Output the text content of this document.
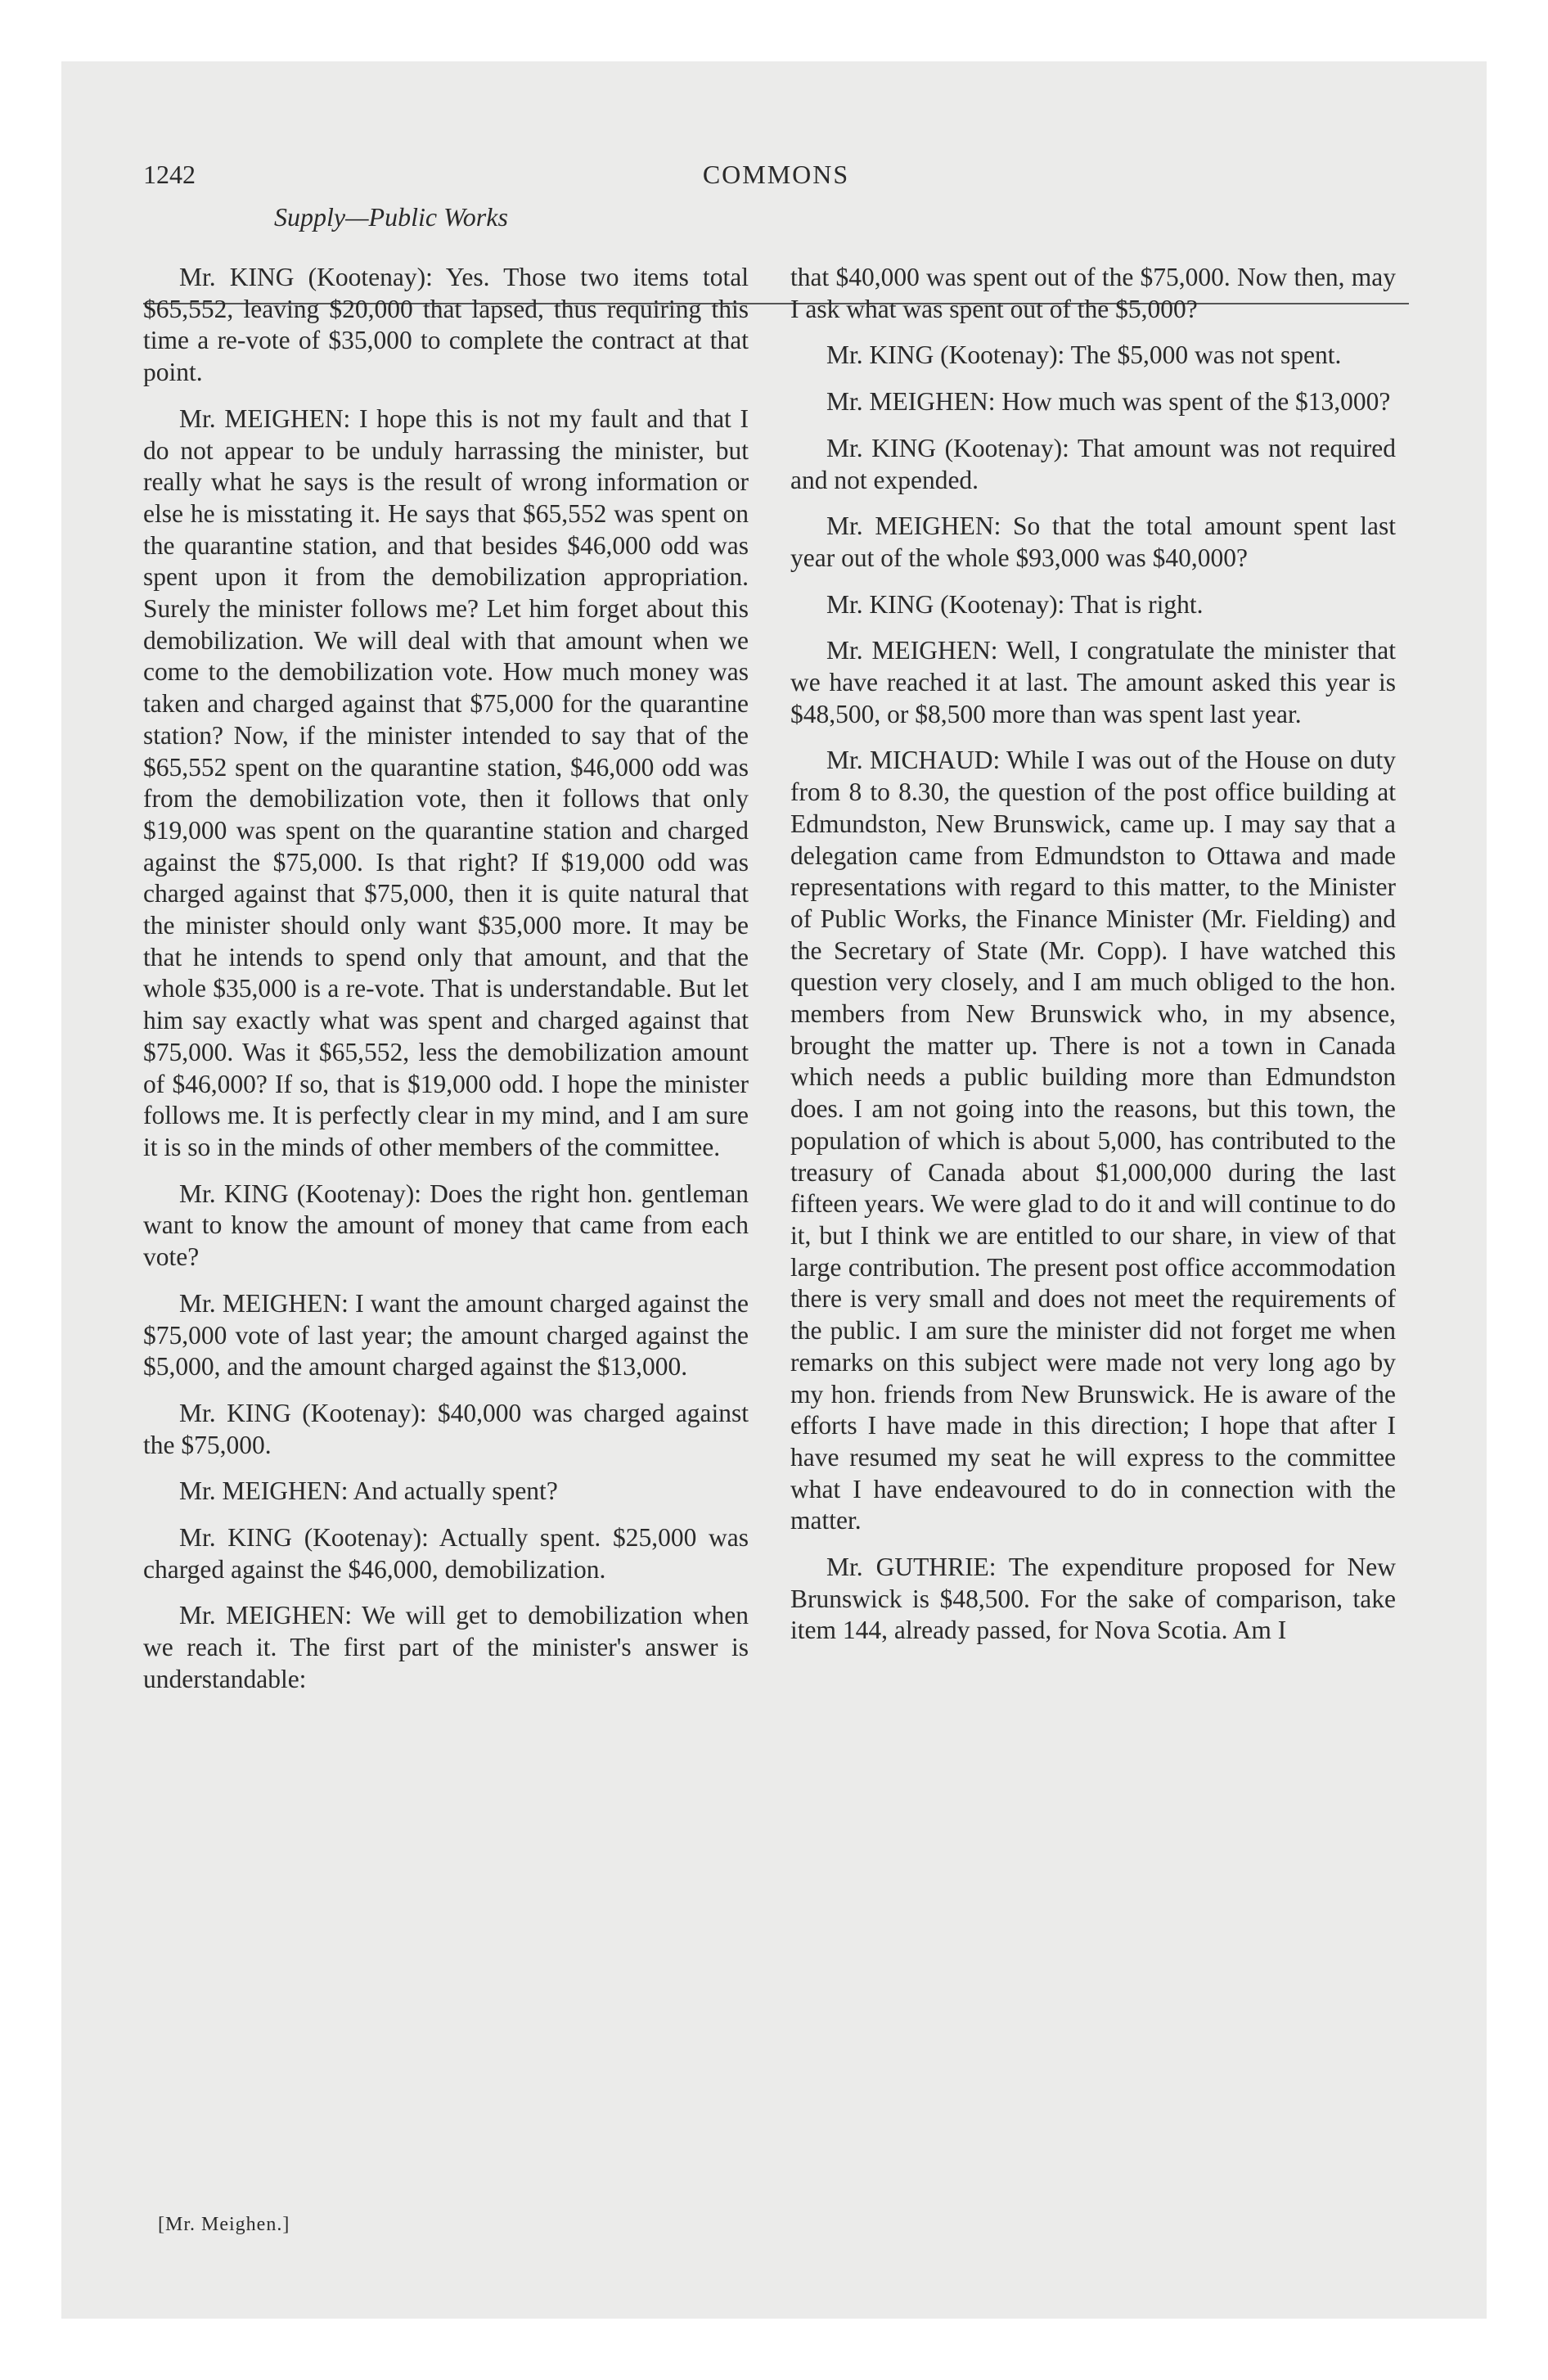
1242
Supply—Public Works
COMMONS

Mr. KING (Kootenay): Yes. Those two items total $65,552, leaving $20,000 that lapsed, thus requiring this time a re-vote of $35,000 to complete the contract at that point.

Mr. MEIGHEN: I hope this is not my fault and that I do not appear to be unduly harrassing the minister, but really what he says is the result of wrong information or else he is misstating it. He says that $65,552 was spent on the quarantine station, and that besides $46,000 odd was spent upon it from the demobilization appropriation. Surely the minister follows me? Let him forget about this demobilization. We will deal with that amount when we come to the demobilization vote. How much money was taken and charged against that $75,000 for the quarantine station? Now, if the minister intended to say that of the $65,552 spent on the quarantine station, $46,000 odd was from the demobilization vote, then it follows that only $19,000 was spent on the quarantine station and charged against the $75,000. Is that right? If $19,000 odd was charged against that $75,000, then it is quite natural that the minister should only want $35,000 more. It may be that he intends to spend only that amount, and that the whole $35,000 is a re-vote. That is understandable. But let him say exactly what was spent and charged against that $75,000. Was it $65,552, less the demobilization amount of $46,000? If so, that is $19,000 odd. I hope the minister follows me. It is perfectly clear in my mind, and I am sure it is so in the minds of other members of the committee.

Mr. KING (Kootenay): Does the right hon. gentleman want to know the amount of money that came from each vote?

Mr. MEIGHEN: I want the amount charged against the $75,000 vote of last year; the amount charged against the $5,000, and the amount charged against the $13,000.

Mr. KING (Kootenay): $40,000 was charged against the $75,000.

Mr. MEIGHEN: And actually spent?

Mr. KING (Kootenay): Actually spent. $25,000 was charged against the $46,000, demobilization.

Mr. MEIGHEN: We will get to demobilization when we reach it. The first part of the minister's answer is understandable:

that $40,000 was spent out of the $75,000. Now then, may I ask what was spent out of the $5,000?

Mr. KING (Kootenay): The $5,000 was not spent.

Mr. MEIGHEN: How much was spent of the $13,000?

Mr. KING (Kootenay): That amount was not required and not expended.

Mr. MEIGHEN: So that the total amount spent last year out of the whole $93,000 was $40,000?

Mr. KING (Kootenay): That is right.

Mr. MEIGHEN: Well, I congratulate the minister that we have reached it at last. The amount asked this year is $48,500, or $8,500 more than was spent last year.

Mr. MICHAUD: While I was out of the House on duty from 8 to 8.30, the question of the post office building at Edmundston, New Brunswick, came up. I may say that a delegation came from Edmundston to Ottawa and made representations with regard to this matter, to the Minister of Public Works, the Finance Minister (Mr. Fielding) and the Secretary of State (Mr. Copp). I have watched this question very closely, and I am much obliged to the hon. members from New Brunswick who, in my absence, brought the matter up. There is not a town in Canada which needs a public building more than Edmundston does. I am not going into the reasons, but this town, the population of which is about 5,000, has contributed to the treasury of Canada about $1,000,000 during the last fifteen years. We were glad to do it and will continue to do it, but I think we are entitled to our share, in view of that large contribution. The present post office accommodation there is very small and does not meet the requirements of the public. I am sure the minister did not forget me when remarks on this subject were made not very long ago by my hon. friends from New Brunswick. He is aware of the efforts I have made in this direction; I hope that after I have resumed my seat he will express to the committee what I have endeavoured to do in connection with the matter.

Mr. GUTHRIE: The expenditure proposed for New Brunswick is $48,500. For the sake of comparison, take item 144, already passed, for Nova Scotia. Am I

[Mr. Meighen.]
